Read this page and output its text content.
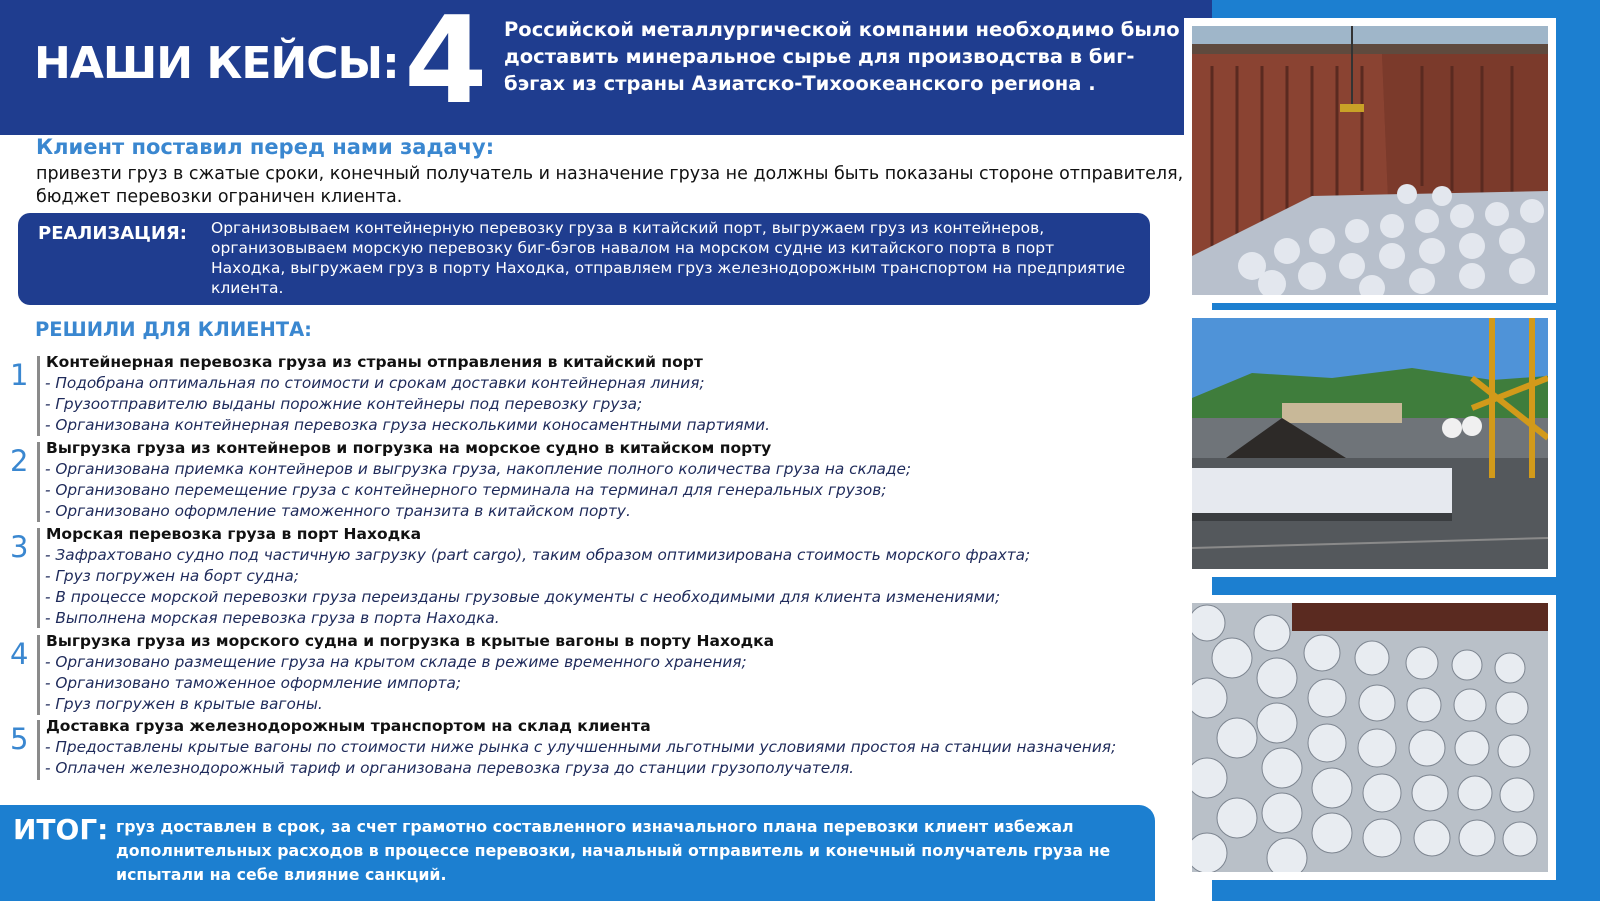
НАШИ КЕЙСЫ: 4 Российской металлургической компании необходимо было доставить минеральное сырье для производства в биг-бэгах из страны Азиатско-Тихоокеанского региона .
Клиент поставил перед нами задачу:
привезти груз в сжатые сроки, конечный получатель и назначение груза не должны быть показаны стороне отправителя, бюджет перевозки ограничен клиента.
РЕАЛИЗАЦИЯ: Организовываем контейнерную перевозку груза в китайский порт, выгружаем груз из контейнеров, организовываем морскую перевозку биг-бэгов навалом на морском судне из китайского порта в порт Находка, выгружаем груз в порту Находка, отправляем груз железнодорожным транспортом на предприятие клиента.
РЕШИЛИ ДЛЯ КЛИЕНТА:
1 Контейнерная перевозка груза из страны отправления в китайский порт
- Подобрана оптимальная по стоимости и срокам доставки контейнерная линия;
- Грузоотправителю выданы порожние контейнеры под перевозку груза;
- Организована контейнерная перевозка груза несколькими коносаментными партиями.
2 Выгрузка груза из контейнеров и погрузка на морское судно в китайском порту
- Организована приемка контейнеров и выгрузка груза, накопление полного количества груза на складе;
- Организовано перемещение груза с контейнерного терминала на терминал для генеральных грузов;
- Организовано оформление таможенного транзита в китайском порту.
3 Морская перевозка груза в порт Находка
- Зафрахтовано судно под частичную загрузку (part cargo), таким образом оптимизирована стоимость морского фрахта;
- Груз погружен на борт судна;
- В процессе морской перевозки груза переизданы грузовые документы с необходимыми для клиента изменениями;
- Выполнена морская перевозка груза в порта Находка.
4 Выгрузка груза из морского судна и погрузка в крытые вагоны в порту Находка
- Организовано размещение груза на крытом складе в режиме временного хранения;
- Организовано таможенное оформление импорта;
- Груз погружен в крытые вагоны.
5 Доставка груза железнодорожным транспортом на склад клиента
- Предоставлены крытые вагоны по стоимости ниже рынка с улучшенными льготными условиями простоя на станции назначения;
- Оплачен железнодорожный тариф и организована перевозка груза до станции грузополучателя.
ИТОГ: груз доставлен в срок, за счет грамотно составленного изначального плана перевозки клиент избежал дополнительных расходов в процессе перевозки, начальный отправитель и конечный получатель груза не испытали на себе влияние санкций.
